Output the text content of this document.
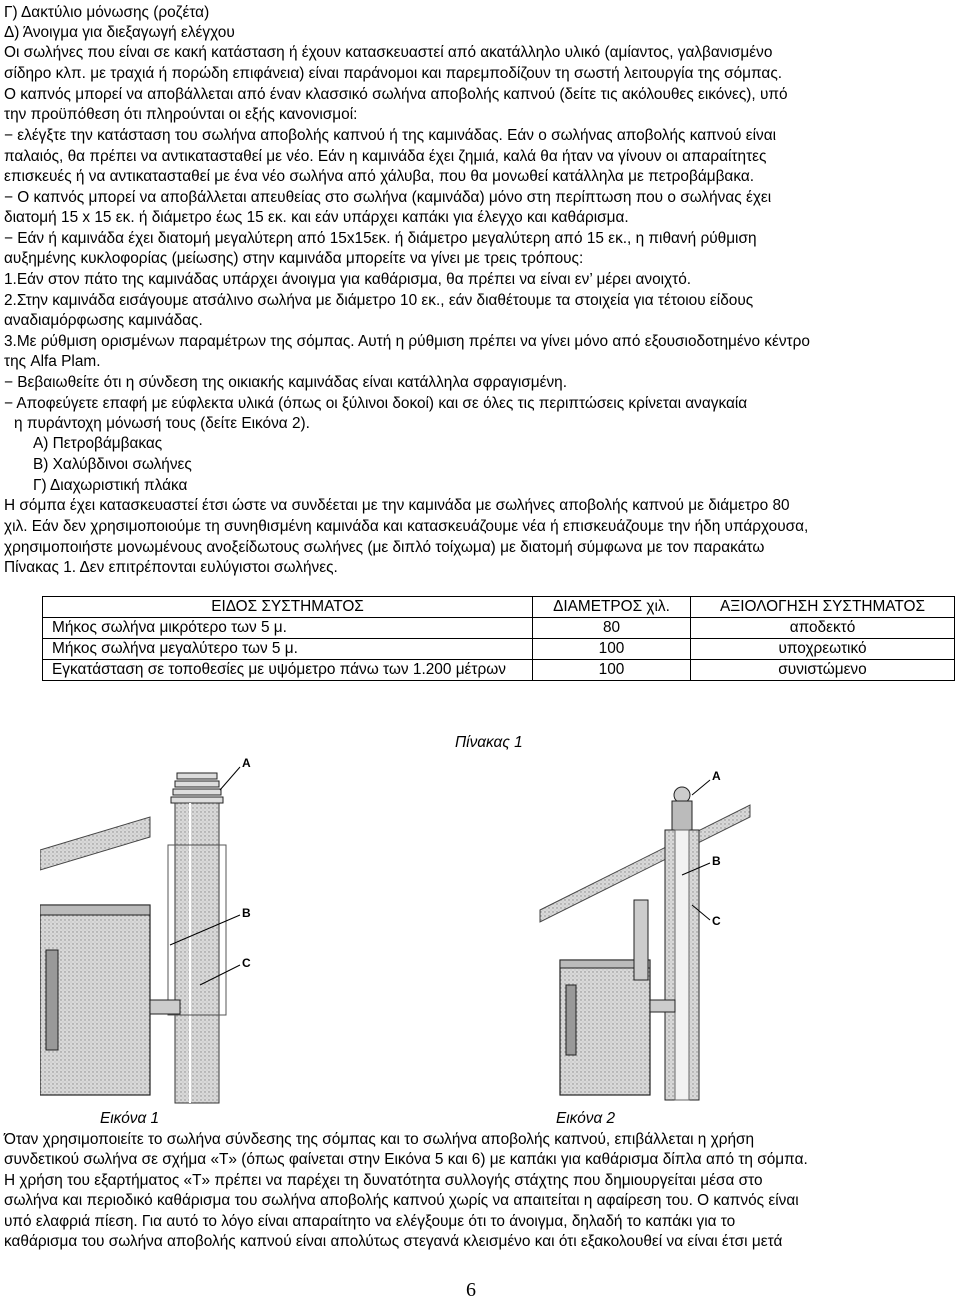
Γ) Δακτύλιο μόνωσης (ροζέτα)
Δ) Άνοιγμα για διεξαγωγή ελέγχου
Οι σωλήνες που είναι σε κακή κατάσταση ή έχουν κατασκευαστεί από ακατάλληλο υλικό (αμίαντος, γαλβανισμένο
σίδηρο κλπ. με τραχιά ή πορώδη επιφάνεια) είναι παράνομοι και παρεμποδίζουν τη σωστή λειτουργία της σόμπας.
Ο καπνός μπορεί να αποβάλλεται από έναν κλασσικό σωλήνα αποβολής καπνού (δείτε τις ακόλουθες εικόνες), υπό
την προϋπόθεση ότι πληρούνται οι εξής κανονισμοί:
− ελέγξτε την κατάσταση του σωλήνα αποβολής καπνού ή της καμινάδας. Εάν ο σωλήνας αποβολής καπνού είναι
παλαιός, θα πρέπει να αντικατασταθεί με νέο. Εάν η καμινάδα έχει ζημιά, καλά θα ήταν να γίνουν οι απαραίτητες
επισκευές ή να αντικατασταθεί με ένα νέο σωλήνα από χάλυβα, που θα μονωθεί κατάλληλα με πετροβάμβακα.
− Ο καπνός μπορεί να αποβάλλεται απευθείας στο σωλήνα (καμινάδα) μόνο στη περίπτωση που ο σωλήνας έχει
διατομή 15 x 15 εκ. ή διάμετρο έως 15 εκ. και εάν υπάρχει καπάκι για έλεγχο και καθάρισμα.
− Εάν ή καμινάδα έχει διατομή μεγαλύτερη από 15x15εκ. ή διάμετρο μεγαλύτερη από 15 εκ., η πιθανή ρύθμιση
αυξημένης κυκλοφορίας (μείωσης) στην καμινάδα μπορείτε να γίνει με τρεις τρόπους:
1.Εάν στον πάτο της καμινάδας υπάρχει άνοιγμα για καθάρισμα, θα πρέπει να είναι εν’ μέρει ανοιχτό.
2.Στην καμινάδα εισάγουμε ατσάλινο σωλήνα με διάμετρο 10 εκ., εάν διαθέτουμε τα στοιχεία για τέτοιου είδους
αναδιαμόρφωσης καμινάδας.
3.Με ρύθμιση ορισμένων παραμέτρων της σόμπας. Αυτή η ρύθμιση πρέπει να γίνει μόνο από εξουσιοδοτημένο κέντρο
της Alfa Plam.
− Βεβαιωθείτε ότι η σύνδεση της οικιακής καμινάδας είναι κατάλληλα σφραγισμένη.
− Αποφεύγετε επαφή με εύφλεκτα υλικά (όπως οι ξύλινοι δοκοί) και σε όλες τις περιπτώσεις κρίνεται αναγκαία
η πυράντοχη μόνωσή τους (δείτε Εικόνα 2).
A) Πετροβάμβακας
B) Χαλύβδινοι σωλήνες
Γ) Διαχωριστική πλάκα
Η σόμπα έχει κατασκευαστεί έτσι ώστε να συνδέεται με την καμινάδα με σωλήνες αποβολής καπνού με διάμετρο 80
χιλ. Εάν δεν χρησιμοποιούμε τη συνηθισμένη καμινάδα και κατασκευάζουμε νέα ή επισκευάζουμε την ήδη υπάρχουσα,
χρησιμοποιήστε μονωμένους ανοξείδωτους σωλήνες (με διπλό τοίχωμα) με διατομή σύμφωνα με τον παρακάτω
Πίνακας 1. Δεν επιτρέπονται ευλύγιστοι σωλήνες.
ΕΙΔΟΣ ΣΥΣΤΗΜΑΤΟΣ	ΔΙΑΜΕΤΡΟΣ χιλ.	ΑΞΙΟΛΟΓΗΣΗ ΣΥΣΤΗΜΑΤΟΣ
Μήκος σωλήνα μικρότερο των 5 μ.	80	αποδεκτό
Μήκος σωλήνα μεγαλύτερο των 5 μ.	100	υποχρεωτικό
Εγκατάσταση σε τοποθεσίες με υψόμετρο πάνω των 1.200 μέτρων	100	συνιστώμενο
Πίνακας 1
A
B
C
Εικόνα 1
A
B
C
Εικόνα 2
Όταν χρησιμοποιείτε το σωλήνα σύνδεσης της σόμπας και το σωλήνα αποβολής καπνού, επιβάλλεται η χρήση
συνδετικού σωλήνα σε σχήμα «T» (όπως φαίνεται στην Εικόνα 5 και 6) με καπάκι για καθάρισμα δίπλα από τη σόμπα.
Η χρήση του εξαρτήματος «T» πρέπει να παρέχει τη δυνατότητα συλλογής στάχτης που δημιουργείται μέσα στο
σωλήνα και περιοδικό καθάρισμα του σωλήνα αποβολής καπνού χωρίς να απαιτείται η αφαίρεση του. Ο καπνός είναι
υπό ελαφριά πίεση. Για αυτό το λόγο είναι απαραίτητο να ελέγξουμε ότι το άνοιγμα, δηλαδή το καπάκι για το
καθάρισμα του σωλήνα αποβολής καπνού είναι απολύτως στεγανά κλεισμένο και ότι εξακολουθεί να είναι έτσι μετά
6
